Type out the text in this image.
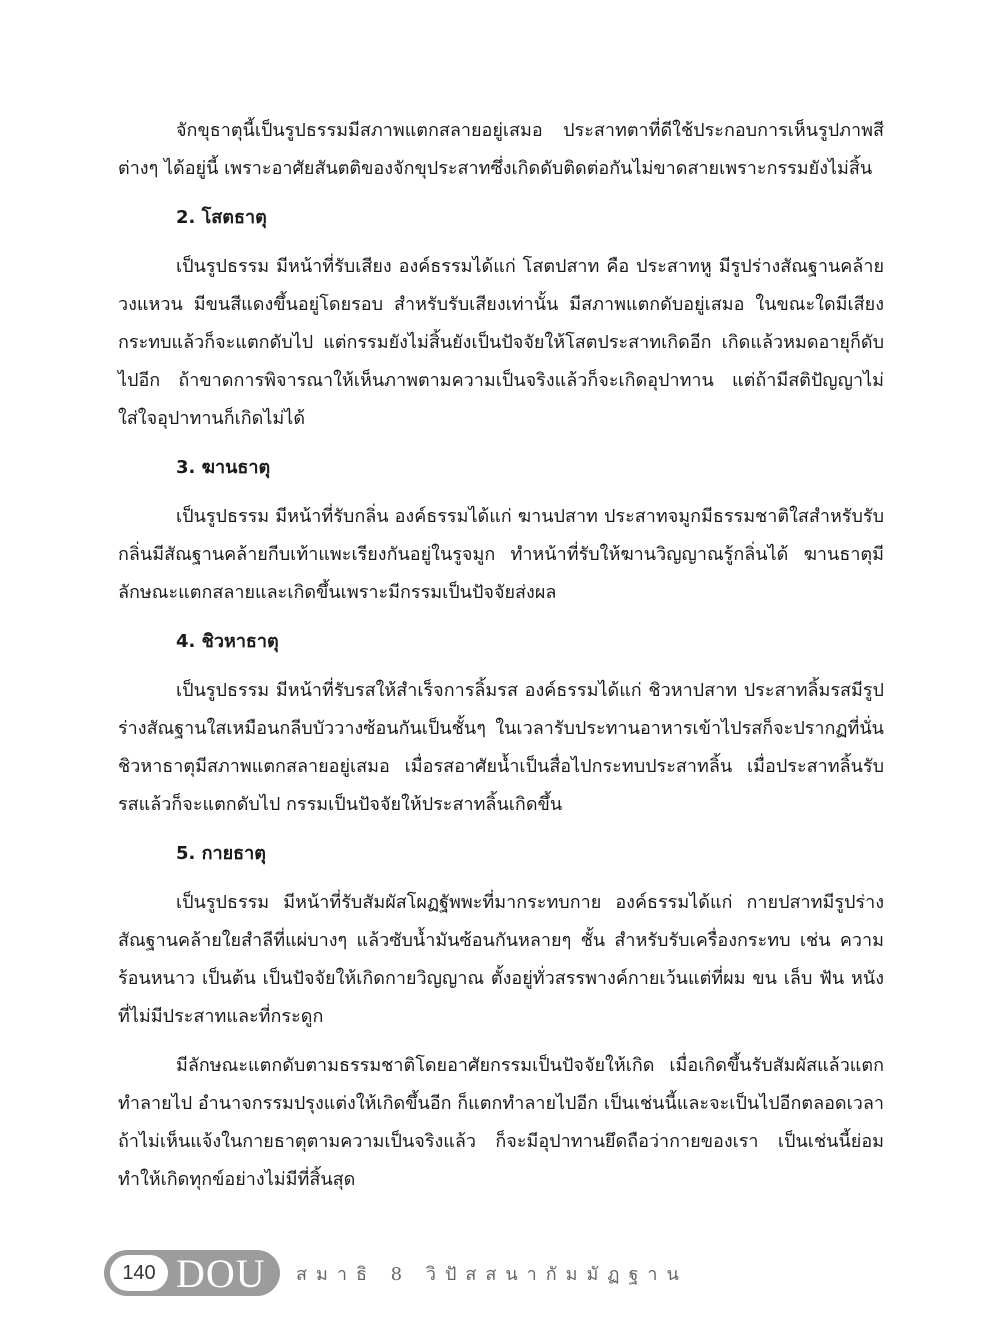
จักขุธาตุนี้เป็นรูปธรรมมีสภาพแตกสลายอยู่เสมอ ประสาทตาที่ดีใช้ประกอบการเห็นรูปภาพสีต่างๆ ได้อยู่นี้ เพราะอาศัยสันตติของจักขุประสาทซึ่งเกิดดับติดต่อกันไม่ขาดสายเพราะกรรมยังไม่สิ้น

2. โสตธาตุ

เป็นรูปธรรม มีหน้าที่รับเสียง องค์ธรรมได้แก่ โสตปสาท คือ ประสาทหู มีรูปร่างสัณฐานคล้ายวงแหวน มีขนสีแดงขึ้นอยู่โดยรอบ สำหรับรับเสียงเท่านั้น มีสภาพแตกดับอยู่เสมอ ในขณะใดมีเสียงกระทบแล้วก็จะแตกดับไป แต่กรรมยังไม่สิ้นยังเป็นปัจจัยให้โสตประสาทเกิดอีก เกิดแล้วหมดอายุก็ดับไปอีก ถ้าขาดการพิจารณาให้เห็นภาพตามความเป็นจริงแล้วก็จะเกิดอุปาทาน แต่ถ้ามีสติปัญญาไม่ใส่ใจอุปาทานก็เกิดไม่ได้

3. ฆานธาตุ

เป็นรูปธรรม มีหน้าที่รับกลิ่น องค์ธรรมได้แก่ ฆานปสาท ประสาทจมูกมีธรรมชาติใสสำหรับรับกลิ่นมีสัณฐานคล้ายกีบเท้าแพะเรียงกันอยู่ในรูจมูก ทำหน้าที่รับให้ฆานวิญญาณรู้กลิ่นได้ ฆานธาตุมีลักษณะแตกสลายและเกิดขึ้นเพราะมีกรรมเป็นปัจจัยส่งผล

4. ชิวหาธาตุ

เป็นรูปธรรม มีหน้าที่รับรสให้สำเร็จการลิ้มรส องค์ธรรมได้แก่ ชิวหาปสาท ประสาทลิ้มรสมีรูปร่างสัณฐานใสเหมือนกลีบบัววางซ้อนกันเป็นชั้นๆ ในเวลารับประทานอาหารเข้าไปรสก็จะปรากฏที่นั่น ชิวหาธาตุมีสภาพแตกสลายอยู่เสมอ เมื่อรสอาศัยน้ำเป็นสื่อไปกระทบประสาทลิ้น เมื่อประสาทลิ้นรับรสแล้วก็จะแตกดับไป กรรมเป็นปัจจัยให้ประสาทลิ้นเกิดขึ้น

5. กายธาตุ

เป็นรูปธรรม มีหน้าที่รับสัมผัสโผฏฐัพพะที่มากระทบกาย องค์ธรรมได้แก่ กายปสาทมีรูปร่างสัณฐานคล้ายใยสำลีที่แผ่บางๆ แล้วซับน้ำมันซ้อนกันหลายๆ ชั้น สำหรับรับเครื่องกระทบ เช่น ความร้อนหนาว เป็นต้น เป็นปัจจัยให้เกิดกายวิญญาณ ตั้งอยู่ทั่วสรรพางค์กายเว้นแต่ที่ผม ขน เล็บ ฟัน หนัง ที่ไม่มีประสาทและที่กระดูก

มีลักษณะแตกดับตามธรรมชาติโดยอาศัยกรรมเป็นปัจจัยให้เกิด เมื่อเกิดขึ้นรับสัมผัสแล้วแตกทำลายไป อำนาจกรรมปรุงแต่งให้เกิดขึ้นอีก ก็แตกทำลายไปอีก เป็นเช่นนี้และจะเป็นไปอีกตลอดเวลา ถ้าไม่เห็นแจ้งในกายธาตุตามความเป็นจริงแล้ว ก็จะมีอุปาทานยึดถือว่ากายของเรา เป็นเช่นนี้ย่อมทำให้เกิดทุกข์อย่างไม่มีที่สิ้นสุด

140 DOU สมาธิ 8 วิปัสสนากัมมัฏฐาน
